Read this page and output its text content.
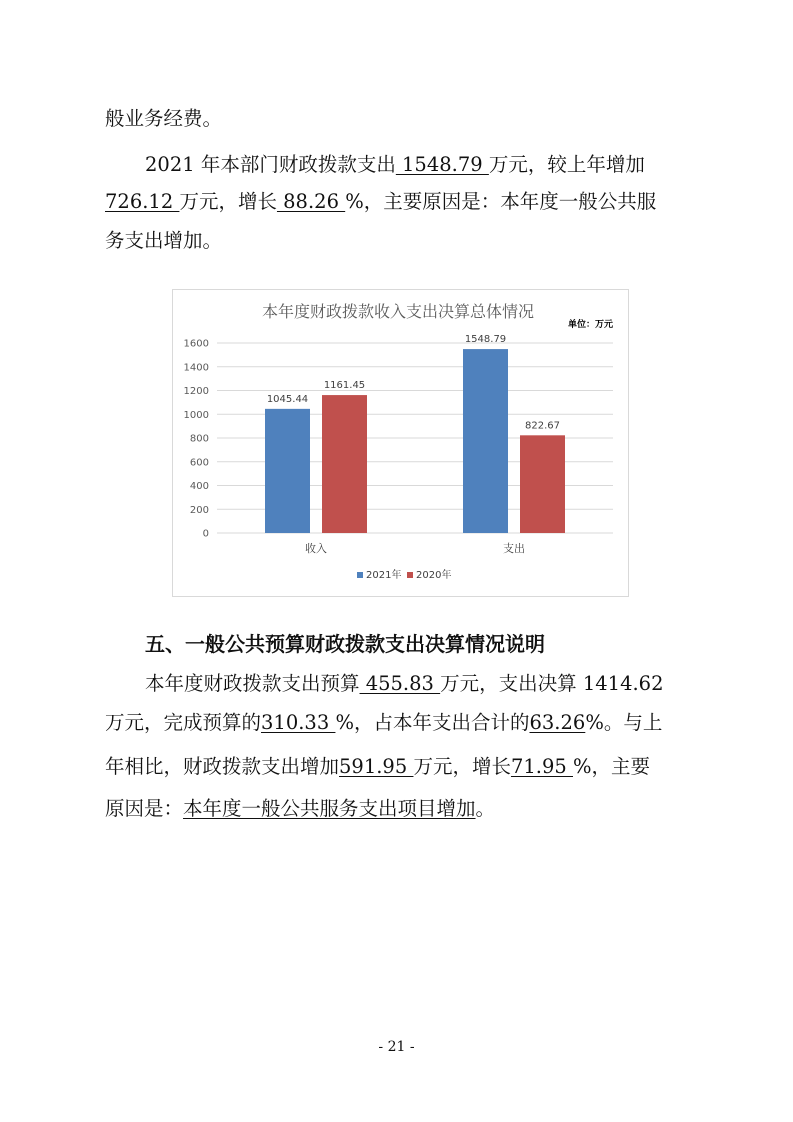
般业务经费。
2021 年本部门财政拨款支出 1548.79 万元，较上年增加
726.12 万元，增长 88.26 %，主要原因是：本年度一般公共服
务支出增加。
本年度财政拨款收入支出决算总体情况
单位：万元
0
200
400
600
800
1000
1200
1400
1600
1045.44
1161.45
收入
1548.79
822.67
支出
2021年 2020年
五、一般公共预算财政拨款支出决算情况说明
本年度财政拨款支出预算 455.83 万元，支出决算 1414.62
万元，完成预算的310.33 %，占本年支出合计的63.26%。与上
年相比，财政拨款支出增加591.95 万元，增长71.95 %，主要
原因是：本年度一般公共服务支出项目增加。
- 21 -
